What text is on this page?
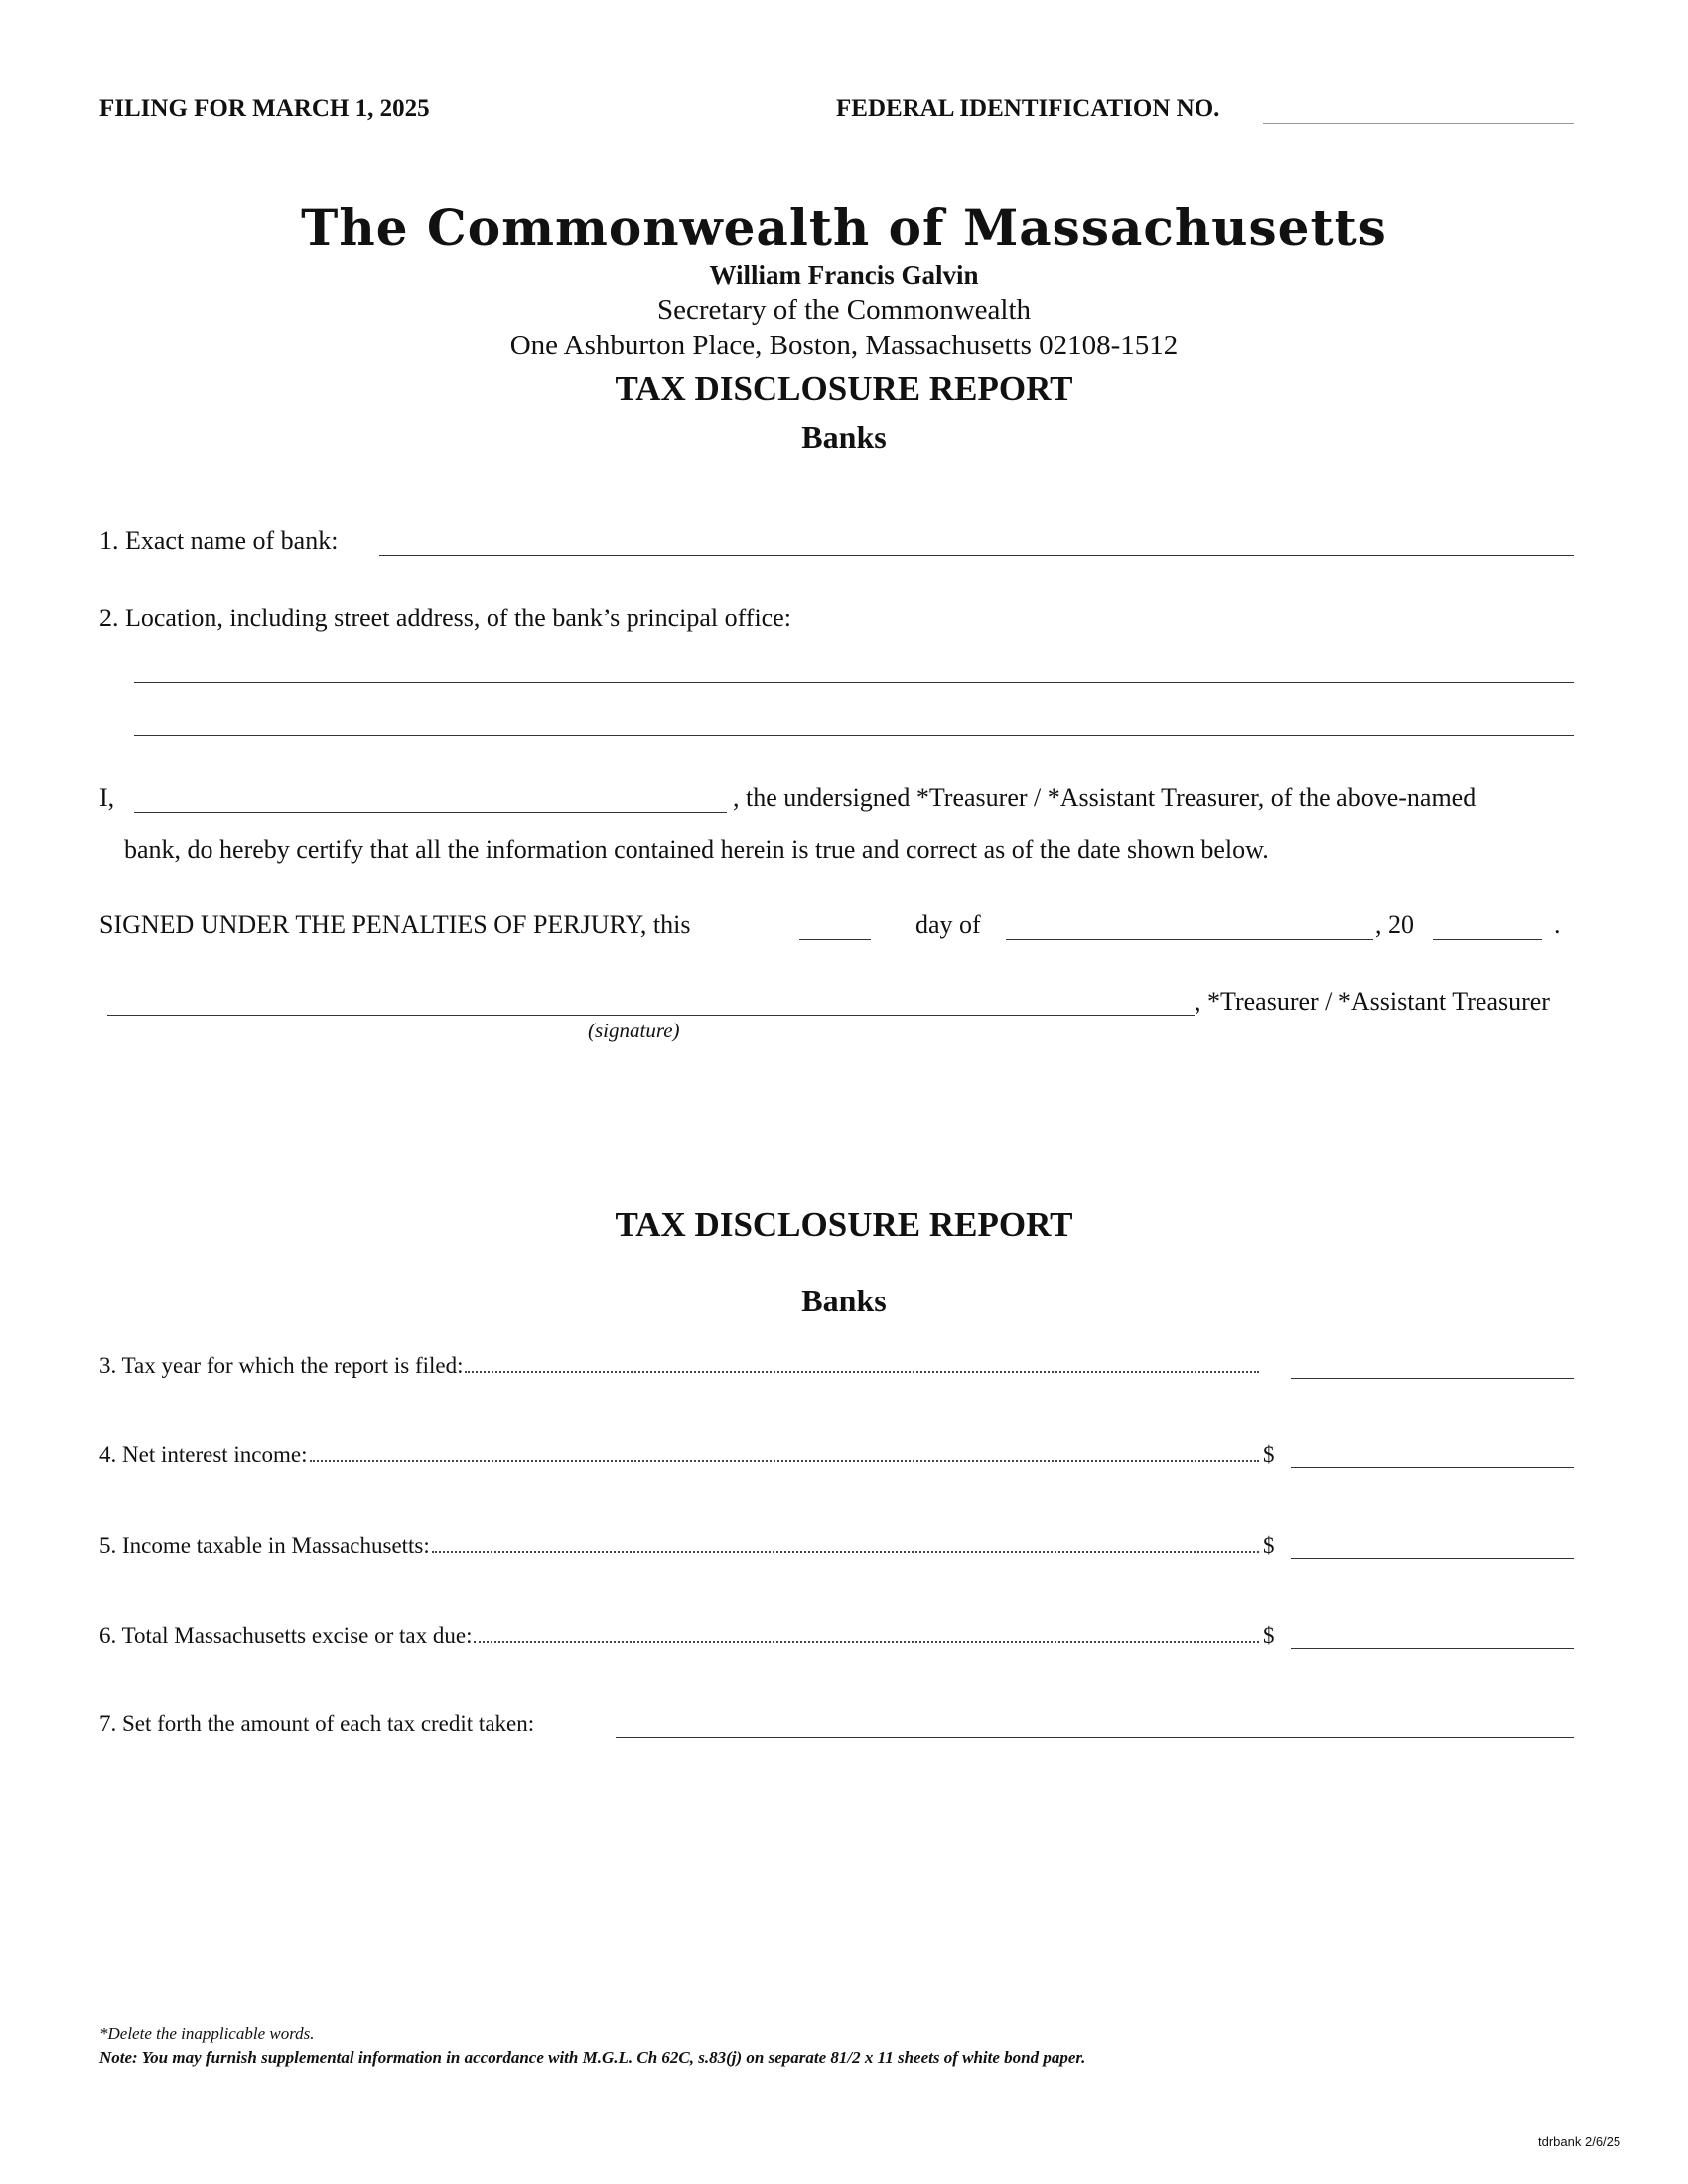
FILING FOR MARCH 1, 2025	FEDERAL IDENTIFICATION NO.
The Commonwealth of Massachusetts
William Francis Galvin
Secretary of the Commonwealth
One Ashburton Place, Boston, Massachusetts 02108-1512
TAX DISCLOSURE REPORT
Banks
1. Exact name of bank:
2. Location, including street address, of the bank’s principal office:
I,	, the undersigned *Treasurer / *Assistant Treasurer, of the above-named
bank, do hereby certify that all the information contained herein is true and correct as of the date shown below.
SIGNED UNDER THE PENALTIES OF PERJURY, this	day of	, 20	.
, *Treasurer / *Assistant Treasurer
(signature)
TAX DISCLOSURE REPORT
Banks
3. Tax year for which the report is filed:
4. Net interest income:	$
5. Income taxable in Massachusetts:	$
6. Total Massachusetts excise or tax due:	$
7. Set forth the amount of each tax credit taken:
*Delete the inapplicable words.
Note: You may furnish supplemental information in accordance with M.G.L. Ch 62C, s.83(j) on separate 81/2 x 11 sheets of white bond paper.
tdrbank 2/6/25
